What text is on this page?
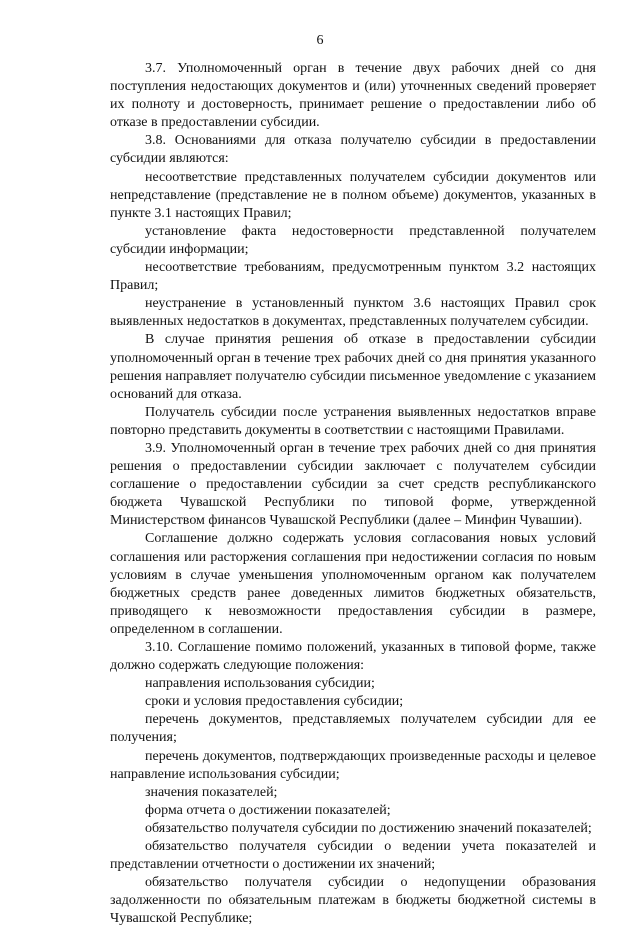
6

3.7. Уполномоченный орган в течение двух рабочих дней со дня поступления недостающих документов и (или) уточненных сведений проверяет их полноту и достоверность, принимает решение о предоставлении либо об отказе в предоставлении субсидии.

3.8. Основаниями для отказа получателю субсидии в предоставлении субсидии являются:

несоответствие представленных получателем субсидии документов или непредставление (представление не в полном объеме) документов, указанных в пункте 3.1 настоящих Правил;

установление факта недостоверности представленной получателем субсидии информации;

несоответствие требованиям, предусмотренным пунктом 3.2 настоящих Правил;

неустранение в установленный пунктом 3.6 настоящих Правил срок выявленных недостатков в документах, представленных получателем субсидии.

В случае принятия решения об отказе в предоставлении субсидии уполномоченный орган в течение трех рабочих дней со дня принятия указанного решения направляет получателю субсидии письменное уведомление с указанием оснований для отказа.

Получатель субсидии после устранения выявленных недостатков вправе повторно представить документы в соответствии с настоящими Правилами.

3.9. Уполномоченный орган в течение трех рабочих дней со дня принятия решения о предоставлении субсидии заключает с получателем субсидии соглашение о предоставлении субсидии за счет средств республиканского бюджета Чувашской Республики по типовой форме, утвержденной Министерством финансов Чувашской Республики (далее – Минфин Чувашии).

Соглашение должно содержать условия согласования новых условий соглашения или расторжения соглашения при недостижении согласия по новым условиям в случае уменьшения уполномоченным органом как получателем бюджетных средств ранее доведенных лимитов бюджетных обязательств, приводящего к невозможности предоставления субсидии в размере, определенном в соглашении.

3.10. Соглашение помимо положений, указанных в типовой форме, также должно содержать следующие положения:

направления использования субсидии;

сроки и условия предоставления субсидии;

перечень документов, представляемых получателем субсидии для ее получения;

перечень документов, подтверждающих произведенные расходы и целевое направление использования субсидии;

значения показателей;

форма отчета о достижении показателей;

обязательство получателя субсидии по достижению значений показателей;

обязательство получателя субсидии о ведении учета показателей и представлении отчетности о достижении их значений;

обязательство получателя субсидии о недопущении образования задолженности по обязательным платежам в бюджеты бюджетной системы в Чувашской Республике;
